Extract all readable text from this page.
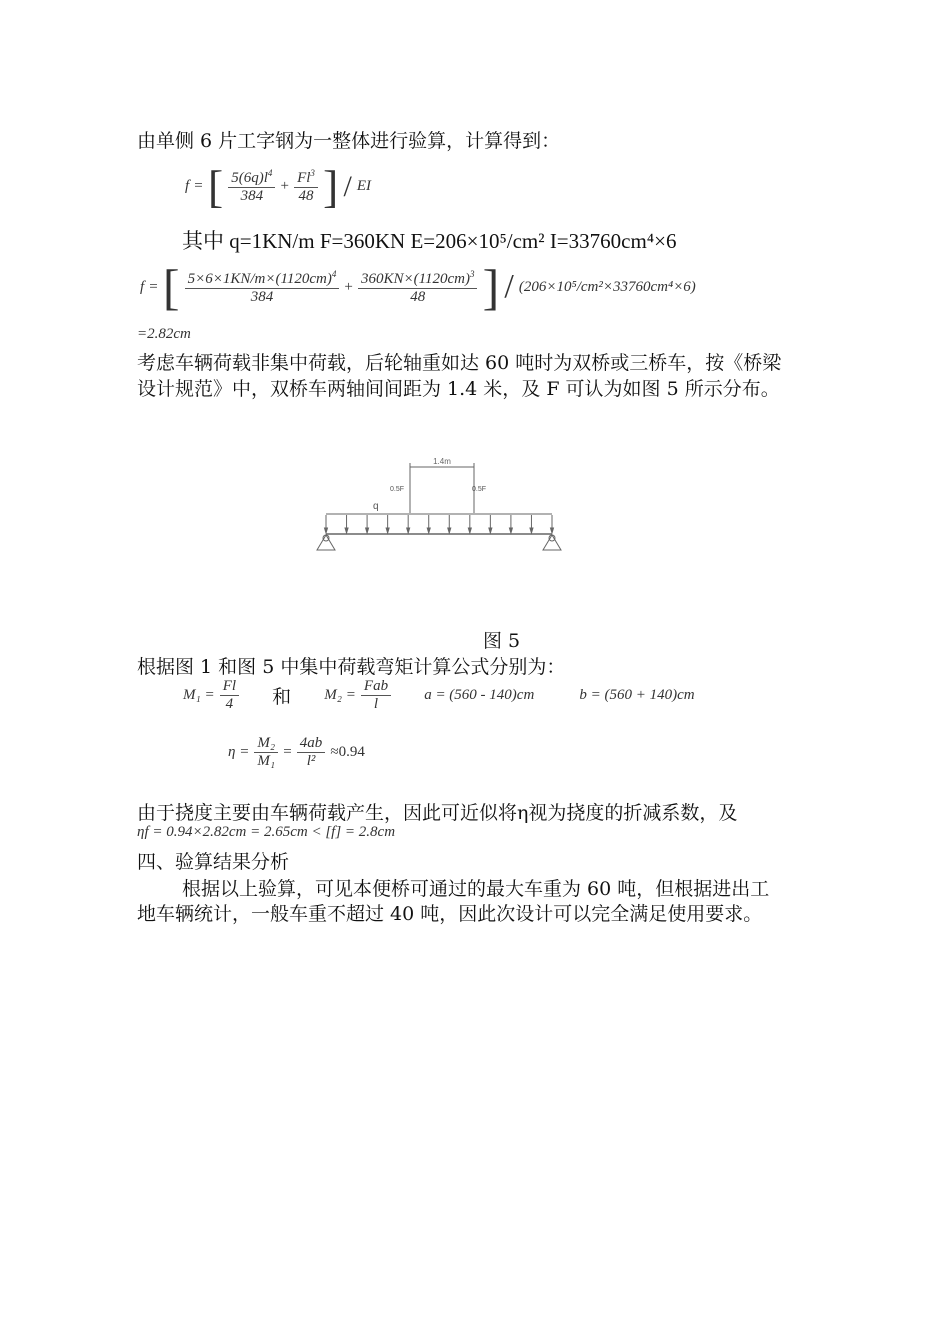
由单侧 6 片工字钢为一整体进行验算，计算得到：
f = [ $\frac{5(6q)l^4}{384} + \frac{Fl^3}{48}$ ] / EI
其中 q=1KN/m F=360KN E=206×10⁵/cm² I=33760cm⁴×6
f = [ $\frac{5\times 6\times 1KN/m\times(1120cm)^4}{384} + \frac{360KN\times(1120cm)^3}{48}$ ] / (206×10⁵/cm²×33760cm⁴×6)
=2.82cm
考虑车辆荷载非集中荷载，后轮轴重如达 60 吨时为双桥或三桥车，按《桥梁
设计规范》中，双桥车两轴间间距为 1.4 米，及 F 可认为如图 5 所示分布。
1.4m
0.5F	0.5F
q
图 5
根据图 1 和图 5 中集中荷载弯矩计算公式分别为：
$M_1 = \frac{Fl}{4}$ 和 $M_2 = \frac{\text{Fab}}{l}$ a = (560 - 140)cm	b = (560 + 140)cm
$\eta = \frac{\text{M₂}}{\text{M₁}} = \frac{4ab}{\text{l²}} \approx 0.94$
由于挠度主要由车辆荷载产生，因此可近似将η视为挠度的折减系数，及
ηf = 0.94×2.82cm = 2.65cm < [f] = 2.8cm
四、验算结果分析
根据以上验算，可见本便桥可通过的最大车重为 60 吨，但根据进出工
地车辆统计，一般车重不超过 40 吨，因此次设计可以完全满足使用要求。
